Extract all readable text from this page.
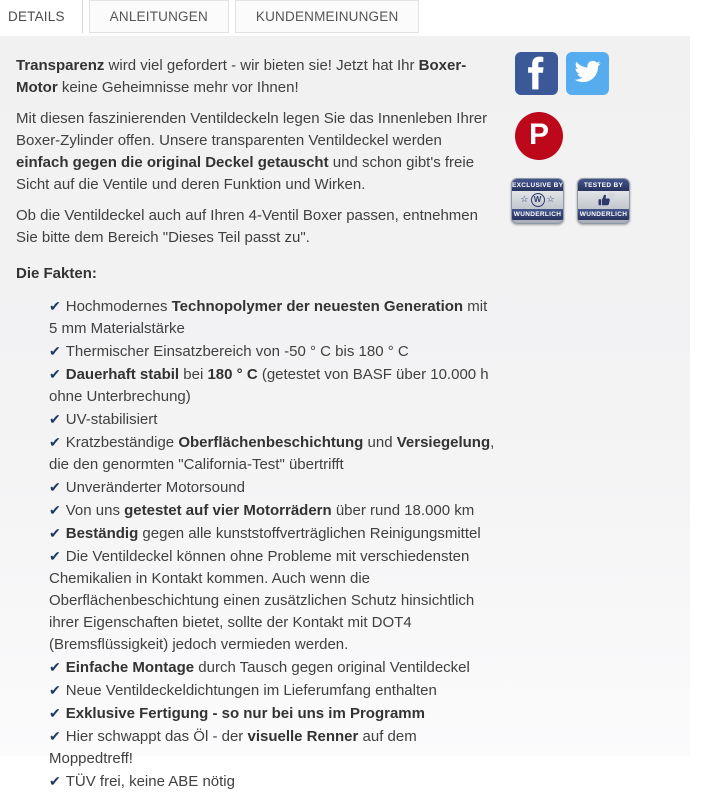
DETAILS	ANLEITUNGEN	KUNDENMEINUNGEN

Transparenz wird viel gefordert - wir bieten sie! Jetzt hat Ihr Boxer-Motor keine Geheimnisse mehr vor Ihnen!

Mit diesen faszinierenden Ventildeckeln legen Sie das Innenleben Ihrer Boxer-Zylinder offen. Unsere transparenten Ventildeckel werden einfach gegen die original Deckel getauscht und schon gibt's freie Sicht auf die Ventile und deren Funktion und Wirken.

Ob die Ventildeckel auch auf Ihren 4-Ventil Boxer passen, entnehmen Sie bitte dem Bereich "Dieses Teil passt zu".

Die Fakten:
✔ Hochmodernes Technopolymer der neuesten Generation mit 5 mm Materialstärke
✔ Thermischer Einsatzbereich von -50 ° C bis 180 ° C
✔ Dauerhaft stabil bei 180 ° C (getestet von BASF über 10.000 h ohne Unterbrechung)
✔ UV-stabilisiert
✔ Kratzbeständige Oberflächenbeschichtung und Versiegelung, die den genormten "California-Test" übertrifft
✔ Unveränderter Motorsound
✔ Von uns getestet auf vier Motorrädern über rund 18.000 km
✔ Beständig gegen alle kunststoffverträglichen Reinigungsmittel
✔ Die Ventildeckel können ohne Probleme mit verschiedensten Chemikalien in Kontakt kommen. Auch wenn die Oberflächenbeschichtung einen zusätzlichen Schutz hinsichtlich ihrer Eigenschaften bietet, sollte der Kontakt mit DOT4 (Bremsflüssigkeit) jedoch vermieden werden.
✔ Einfache Montage durch Tausch gegen original Ventildeckel
✔ Neue Ventildeckeldichtungen im Lieferumfang enthalten
✔ Exklusive Fertigung - so nur bei uns im Programm
✔ Hier schwappt das Öl - der visuelle Renner auf dem Moppedtreff!
✔ TÜV frei, keine ABE nötig
P
EXCLUSIVE BY
☆ W ☆
WUNDERLICH
TESTED BY
☆
WUNDERLICH
